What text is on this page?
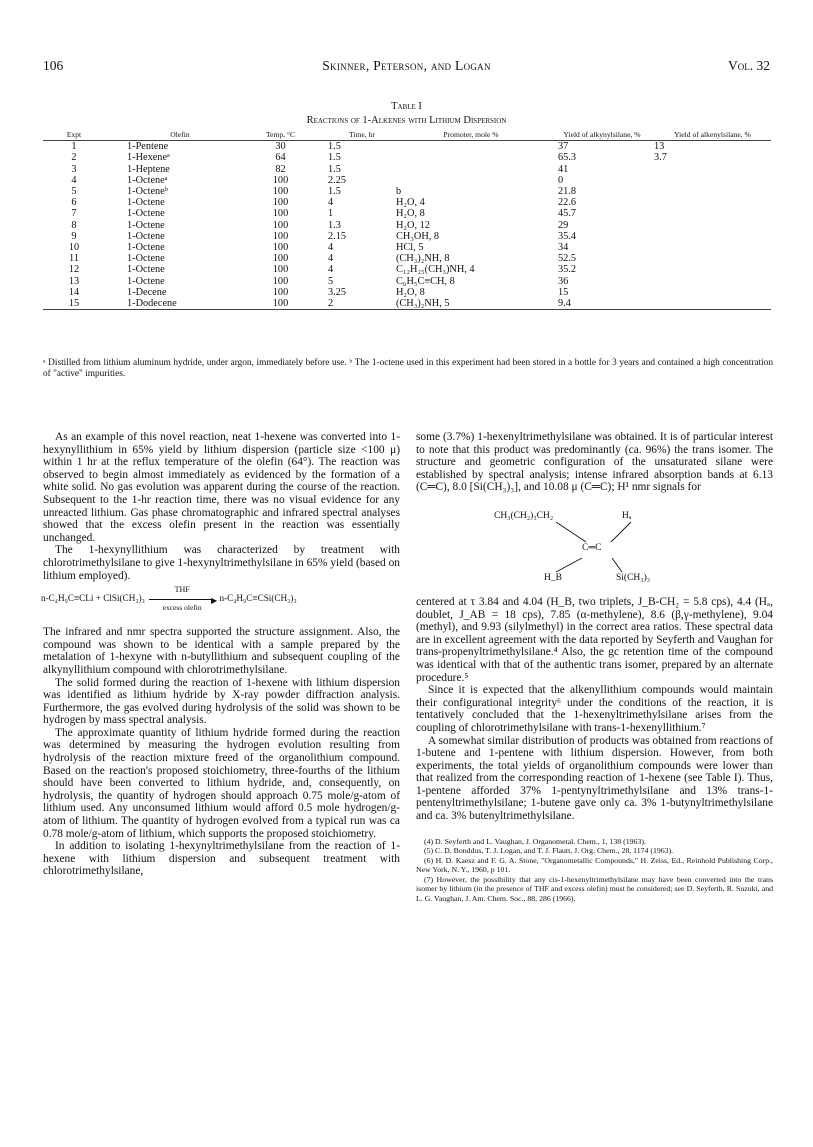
106	Skinner, Peterson, and Logan	Vol. 32
Table I
Reactions of 1-Alkenes with Lithium Dispersion
Expt	Olefin	Temp, °C	Time, hr	Promoter, mole %	Yield of alkynylsilane, %	Yield of alkenylsilane, %
1	1-Pentene	30	1.5		37	13
2	1-Hexeneᵃ	64	1.5		65.3	3.7
3	1-Heptene	82	1.5		41	
4	1-Octeneᵃ	100	2.25		0	
5	1-Octeneᵇ	100	1.5	b	21.8	
6	1-Octene	100	4	H₂O, 4	22.6	
7	1-Octene	100	1	H₂O, 8	45.7	
8	1-Octene	100	1.3	H₂O, 12	29	
9	1-Octene	100	2.15	CH₃OH, 8	35.4	
10	1-Octene	100	4	HCl, 5	34	
11	1-Octene	100	4	(CH₃)₂NH, 8	52.5	
12	1-Octene	100	4	C₁₂H₂₅(CH₃)NH, 4	35.2	
13	1-Octene	100	5	C₆H₅C≡CH, 8	36	
14	1-Decene	100	3.25	H₂O, 8	15	
15	1-Dodecene	100	2	(CH₃)₂NH, 5	9.4	
ᵃ Distilled from lithium aluminum hydride, under argon, immediately before use. ᵇ The 1-octene used in this experiment had been stored in a bottle for 3 years and contained a high concentration of "active" impurities.

As an example of this novel reaction, neat 1-hexene was converted into 1-hexynyllithium in 65% yield by lithium dispersion (particle size <100 μ) within 1 hr at the reflux temperature of the olefin (64°). The reaction was observed to begin almost immediately as evidenced by the formation of a white solid. No gas evolution was apparent during the course of the reaction. Subsequent to the 1-hr reaction time, there was no visual evidence for any unreacted lithium. Gas phase chromatographic and infrared spectral analyses showed that the excess olefin present in the reaction was essentially unchanged.

The 1-hexynyllithium was characterized by treatment with chlorotrimethylsilane to give 1-hexynyltrimethylsilane in 65% yield (based on lithium employed).

n-C₄H₉C≡CLi + ClSi(CH₃)₃
THF
▶
excess olefin
n-C₄H₉C≡CSi(CH₃)₃

The infrared and nmr spectra supported the structure assignment. Also, the compound was shown to be identical with a sample prepared by the metalation of 1-hexyne with n-butyllithium and subsequent coupling of the alkynyllithium compound with chlorotrimethylsilane.

The solid formed during the reaction of 1-hexene with lithium dispersion was identified as lithium hydride by X-ray powder diffraction analysis. Furthermore, the gas evolved during hydrolysis of the solid was shown to be hydrogen by mass spectral analysis.

The approximate quantity of lithium hydride formed during the reaction was determined by measuring the hydrogen evolution resulting from hydrolysis of the reaction mixture freed of the organolithium compound. Based on the reaction's proposed stoichiometry, three-fourths of the lithium should have been converted to lithium hydride, and, consequently, on hydrolysis, the quantity of hydrogen should approach 0.75 mole/g-atom of lithium used. Any unconsumed lithium would afford 0.5 mole hydrogen/g-atom of lithium. The quantity of hydrogen evolved from a typical run was ca 0.78 mole/g-atom of lithium, which supports the proposed stoichiometry.

In addition to isolating 1-hexynyltrimethylsilane from the reaction of 1-hexene with lithium dispersion and subsequent treatment with chlorotrimethylsilane,

some (3.7%) 1-hexenyltrimethylsilane was obtained. It is of particular interest to note that this product was predominantly (ca. 96%) the trans isomer. The structure and geometric configuration of the unsaturated silane were established by spectral analysis; intense infrared absorption bands at 6.13 (C═C), 8.0 [Si(CH₃)₃], and 10.08 μ (C═C); H¹ nmr signals for

CH₃(CH₂)₃CH₂	Hₐ
C═C
H_B	Si(CH₃)₃

centered at τ 3.84 and 4.04 (H_B, two triplets, J_B-CH₂ = 5.8 cps), 4.4 (Hₐ, doublet, J_AB = 18 cps), 7.85 (α-methylene), 8.6 (β,γ-methylene), 9.04 (methyl), and 9.93 (silylmethyl) in the correct area ratios. These spectral data are in excellent agreement with the data reported by Seyferth and Vaughan for trans-propenyltrimethylsilane.⁴ Also, the gc retention time of the compound was identical with that of the authentic trans isomer, prepared by an alternate procedure.⁵

Since it is expected that the alkenyllithium compounds would maintain their configurational integrity⁶ under the conditions of the reaction, it is tentatively concluded that the 1-hexenyltrimethylsilane arises from the coupling of chlorotrimethylsilane with trans-1-hexenyllithium.⁷

A somewhat similar distribution of products was obtained from reactions of 1-butene and 1-pentene with lithium dispersion. However, from both experiments, the total yields of organolithium compounds were lower than that realized from the corresponding reaction of 1-hexene (see Table I). Thus, 1-pentene afforded 37% 1-pentynyltrimethylsilane and 13% trans-1-pentenyltrimethylsilane; 1-butene gave only ca. 3% 1-butynyltrimethylsilane and ca. 3% butenyltrimethylsilane.

(4) D. Seyferth and L. Vaughan, J. Organometal. Chem., 1, 138 (1963).

(5) C. D. Bonddus, T. J. Logan, and T. J. Flautt, J. Org. Chem., 28, 1174 (1963).

(6) H. D. Kaesz and F. G. A. Stone, "Organometallic Compounds," H. Zeiss, Ed., Reinhold Publishing Corp., New York, N. Y., 1960, p 101.

(7) However, the possibility that any cis-1-hexenyltrimethylsilane may have been converted into the trans isomer by lithium (in the presence of THF and excess olefin) must be considered; see D. Seyferth, R. Suzuki, and L. G. Vaughan, J. Am. Chem. Soc., 88, 286 (1966).
